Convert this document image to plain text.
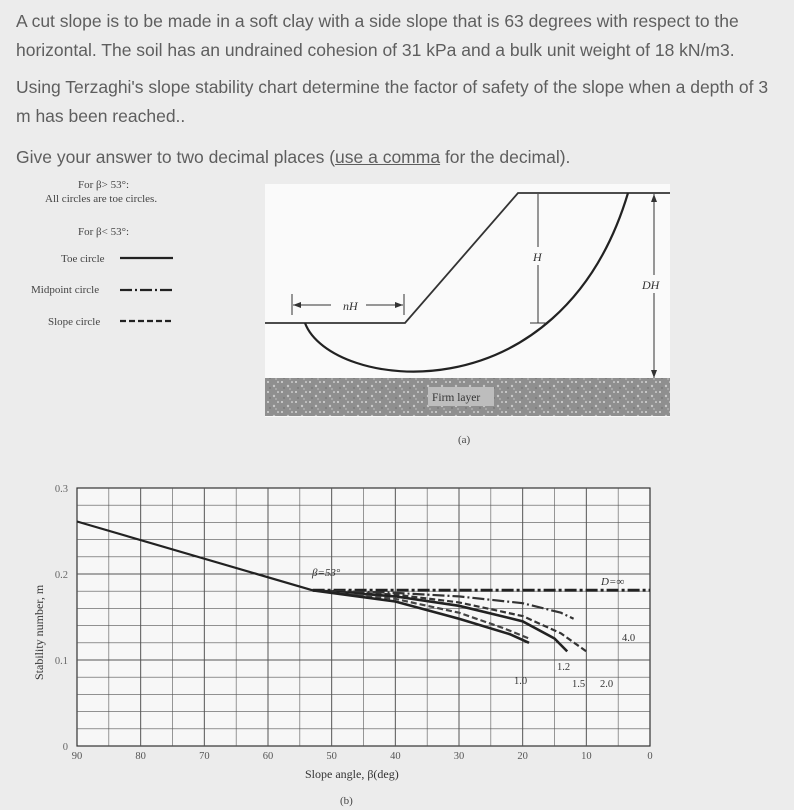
A cut slope is to be made in a soft clay with a side slope that is 63 degrees with respect to the horizontal. The soil has an undrained cohesion of 31 kPa and a bulk unit weight of 18 kN/m3.

Using Terzaghi's slope stability chart determine the factor of safety of the slope when a depth of 3 m has been reached..

Give your answer to two decimal places (use a comma for the decimal).

nH
H
DH
Firm layer
(a)
For β> 53°:
All circles are toe circles.
For β< 53°:
Toe circle
Midpoint circle
Slope circle
90	80	70	60	50	40	30	20	10	0
0.3
0.2
0.1
0
Slope angle, β(deg)
(b)
Stability number, m
β=53°
D=∞
4.0
1.0
1.2
1.5 2.0
